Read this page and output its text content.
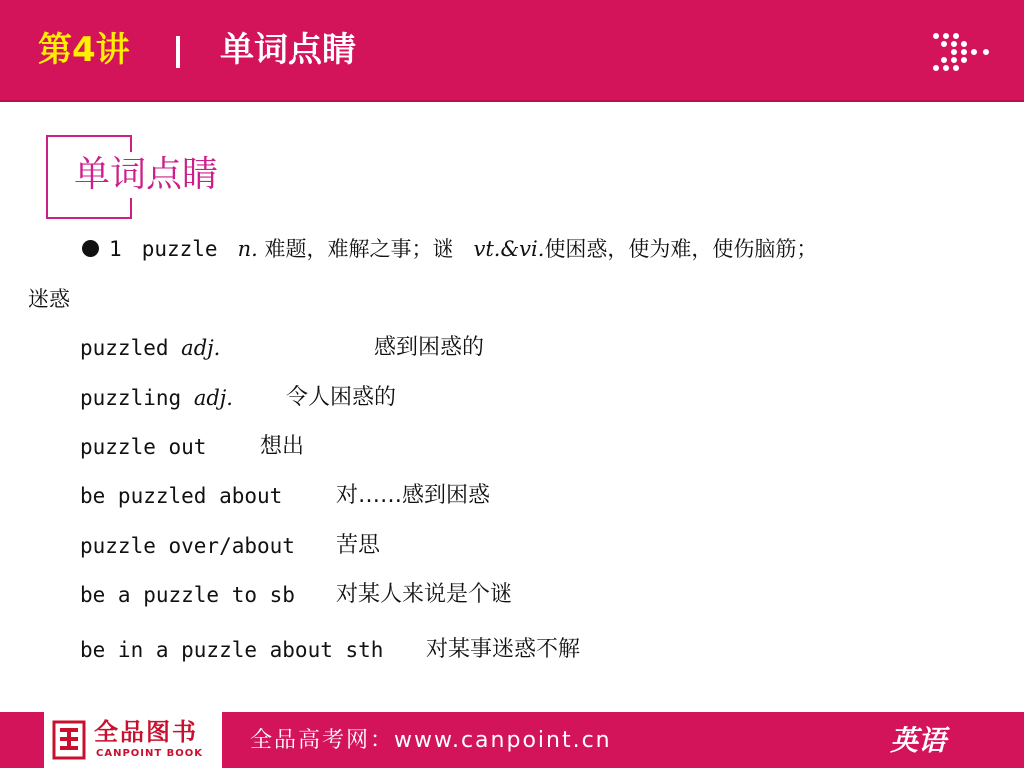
第4讲	单词点睛
单词点睛
1 puzzle n. 难题，难解之事；谜 vt.&vi.使困惑，使为难，使伤脑筋；
迷惑
puzzled adj.	感到困惑的
puzzling adj. 令人困惑的
puzzle out 想出
be puzzled about 对……感到困惑
puzzle over/about 苦思
be a puzzle to sb 对某人来说是个谜
be in a puzzle about sth 对某事迷惑不解
全品图书
CANPOINT BOOK
全品高考网：www.canpoint.cn	英语
